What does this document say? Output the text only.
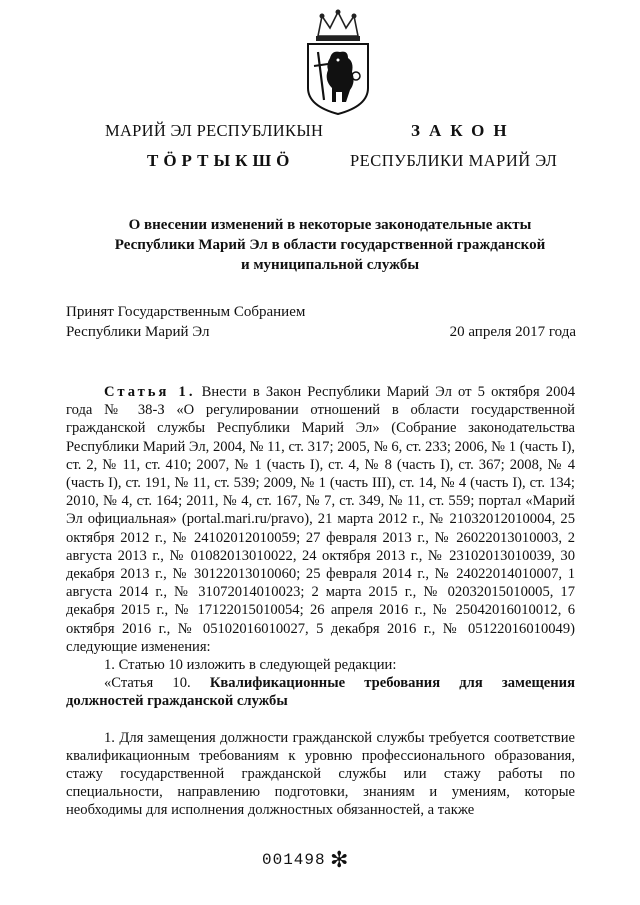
МАРИЙ ЭЛ РЕСПУБЛИКЫН	ЗАКОН
ТӦРТЫКШӦ	РЕСПУБЛИКИ МАРИЙ ЭЛ
О внесении изменений в некоторые законодательные акты
Республики Марий Эл в области государственной гражданской
и муниципальной службы
Принят Государственным Собранием
Республики Марий Эл	20 апреля 2017 года

Статья 1. Внести в Закон Республики Марий Эл от 5 октября 2004 года № 38-З «О регулировании отношений в области государственной гражданской службы Республики Марий Эл» (Собрание законодательства Республики Марий Эл, 2004, № 11, ст. 317; 2005, № 6, ст. 233; 2006, № 1 (часть I), ст. 2, № 11, ст. 410; 2007, № 1 (часть I), ст. 4, № 8 (часть I), ст. 367; 2008, № 4 (часть I), ст. 191, № 11, ст. 539; 2009, № 1 (часть III), ст. 14, № 4 (часть I), ст. 134; 2010, № 4, ст. 164; 2011, № 4, ст. 167, № 7, ст. 349, № 11, ст. 559; портал «Марий Эл официальная» (portal.mari.ru/pravo), 21 марта 2012 г., № 21032012010004, 25 октября 2012 г., № 24102012010059; 27 февраля 2013 г., № 26022013010003, 2 августа 2013 г., № 01082013010022, 24 октября 2013 г., № 23102013010039, 30 декабря 2013 г., № 30122013010060; 25 февраля 2014 г., № 24022014010007, 1 августа 2014 г., № 31072014010023; 2 марта 2015 г., № 02032015010005, 17 декабря 2015 г., № 17122015010054; 26 апреля 2016 г., № 25042016010012, 6 октября 2016 г., № 05102016010027, 5 декабря 2016 г., № 05122016010049) следующие изменения:

1. Статью 10 изложить в следующей редакции:

«Статья 10. Квалификационные требования для замещения должностей гражданской службы

1. Для замещения должности гражданской службы требуется соответствие квалификационным требованиям к уровню профессионального образования, стажу государственной гражданской службы или стажу работы по специальности, направлению подготовки, знаниям и умениям, которые необходимы для исполнения должностных обязанностей, а также

001498 ✻
